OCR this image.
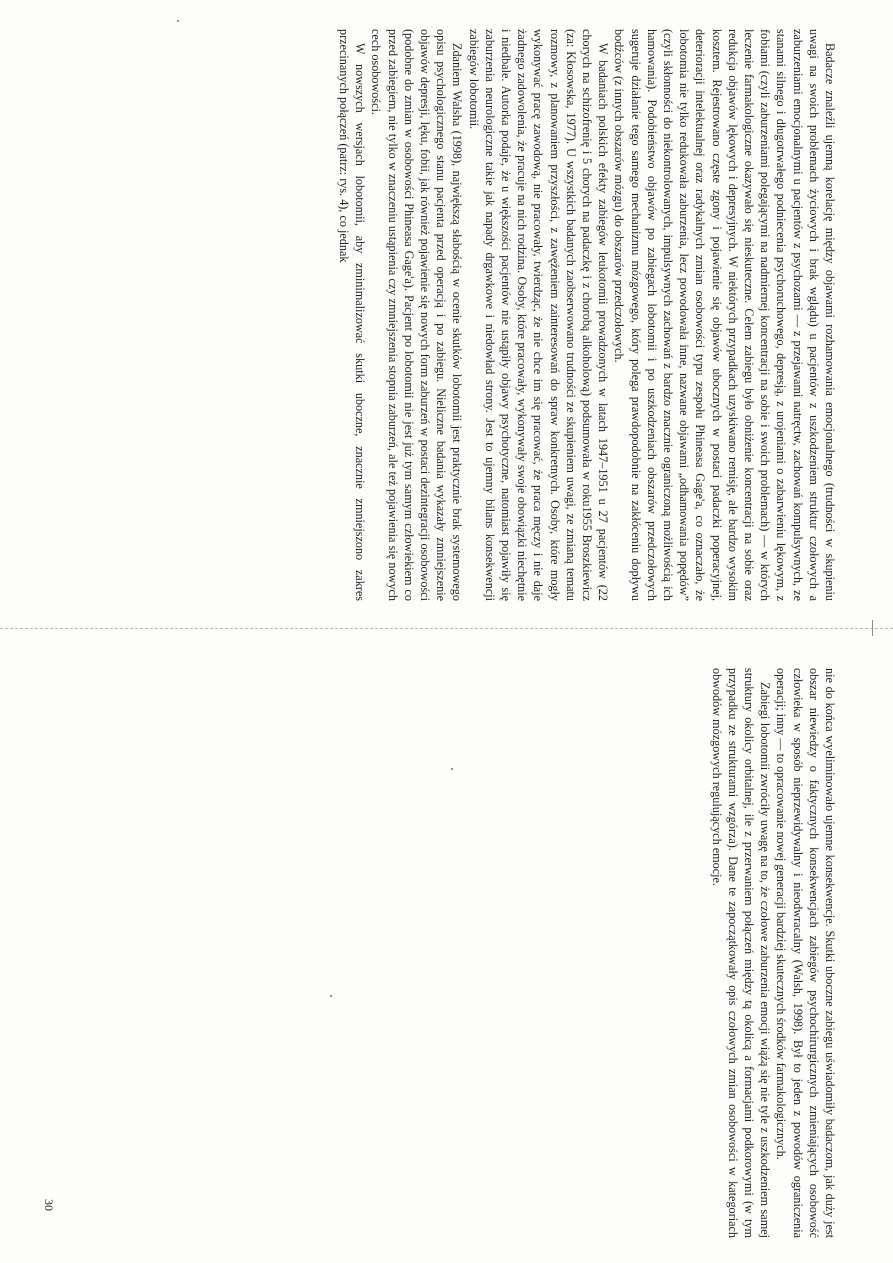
Badacze znaleźli ujemną korelację między objawami rozhamowania emocjonalnego (trudności w skupieniu uwagi na swoich problemach życiowych i brak wglądu) u pacjentów z uszkodzeniem struktur czołowych a zaburzeniami emocjonalnymi u pacjentów z psychozami — z przejawami natręctw, zachowań kompulsywnych, ze stanami silnego i długotrwałego podniecenia psychoruchowego, depresją, z urojeniami o zabarwieniu lękowym, z fobiami (czyli zaburzeniami polegającymi na nadmiernej koncentracji na sobie i swoich problemach) — w których leczenie farmakologiczne okazywało się nieskuteczne. Celem zabiegu było obniżenie koncentracji na sobie oraz redukcja objawów lękowych i depresyjnych. W niektórych przypadkach uzyskiwano remisję, ale bardzo wysokim kosztem. Rejestrowano częste zgony i pojawienie się objawów ubocznych w postaci padaczki poperacyjnej, deterioracji intelektualnej oraz radykalnych zmian osobowości typu zespołu Phineasa Gage'a, co oznaczało, że lobotomia nie tylko redukowała zaburzenia, lecz powodowała inne, nazwane objawami „odhamowania popędów” (czyli skłonności do niekontrolowanych, impulsywnych zachowań z bardzo znacznie ograniczoną możliwością ich hamowania). Podobieństwo objawów po zabiegach lobotomii i po uszkodzeniach obszarów przedczołowych sugeruje działanie tego samego mechanizmu mózgowego, który polega prawdopodobnie na zakłóceniu dopływu bodźców (z innych obszarów mózgu) do obszarów przedczołowych.

W badaniach polskich efekty zabiegów leukotomii prowadzonych w latach 1947–1951 u 27 pacjentów (22 chorych na schizofrenię i 5 chorych na padaczkę i z chorobą alkoholową) podsumowała w roku1955 Broszkiewicz (za: Kłosowska, 1977). U wszystkich badanych zaobserwowano trudności ze skupieniem uwagi, ze zmianą tematu rozmowy, z planowaniem przyszłości, z zawężeniem zainteresowań do spraw konkretnych. Osoby, które mogły wykonywać pracę zawodową, nie pracowały, twierdząc, że nie chce im się pracować, że praca męczy i nie daje żadnego zadowolenia, że pracuje na nich rodzina. Osoby, które pracowały, wykonywały swoje obowiązki niechętnie i niedbale. Autorka podaje, że u większości pacjentów nie ustąpiły objawy psychotyczne, natomiast pojawiły się zaburzenia neurologiczne takie jak napady drgawkowe i niedowład strony. Jest to ujemny bilans konsekwencji zabiegów lobotomii.

Zdaniem Walsha (1998), największą słabością w ocenie skutków lobotomii jest praktycznie brak systemowego opisu psychologicznego stanu pacjenta przed operacją i po zabiegu. Nieliczne badania wykazały zmniejszenie objawów depresji, lęku, fobii, jak również pojawienie się nowych form zaburzeń w postaci dezintegracji osobowości (podobne do zmian w osobowości Phineasa Gage'a). Pacjent po lobotomii nie jest już tym samym człowiekiem co przed zabiegiem, nie tylko w znaczeniu ustąpienia czy zmniejszenia stopnia zaburzeń, ale też pojawienia się nowych cech osobowości.

W nowszych wersjach lobotomii, aby zminimalizować skutki uboczne, znacznie zmniejszono zakres przecinanych połączeń (patrz: rys. 4), co jednak

nie do końca wyeliminowało ujemne konsekwencje. Skutki uboczne zabiegu uświadomiły badaczom, jak duży jest obszar niewiedzy o faktycznych konsekwencjach zabiegów psychochirurgicznych zmieniających osobowość człowieka w sposób nieprzewidywalny i nieodwracalny (Walsh, 1998). Był to jeden z powodów ograniczenia operacji; inny — to opracowanie nowej generacji bardziej skutecznych środków farmakologicznych.

Zabiegi lobotomii zwróciły uwagę na to, że czołowe zaburzenia emocji wiążą się nie tyle z uszkodzeniem samej struktury okolicy orbitalnej, ile z przerwaniem połączeń między tą okolicą a formacjami podkorowymi (w tym przypadku ze strukturami wzgórza). Dane te zapoczątkowały opis czołowych zmian osobowości w kategoriach obwodów mózgowych regulujących emocje.

30
